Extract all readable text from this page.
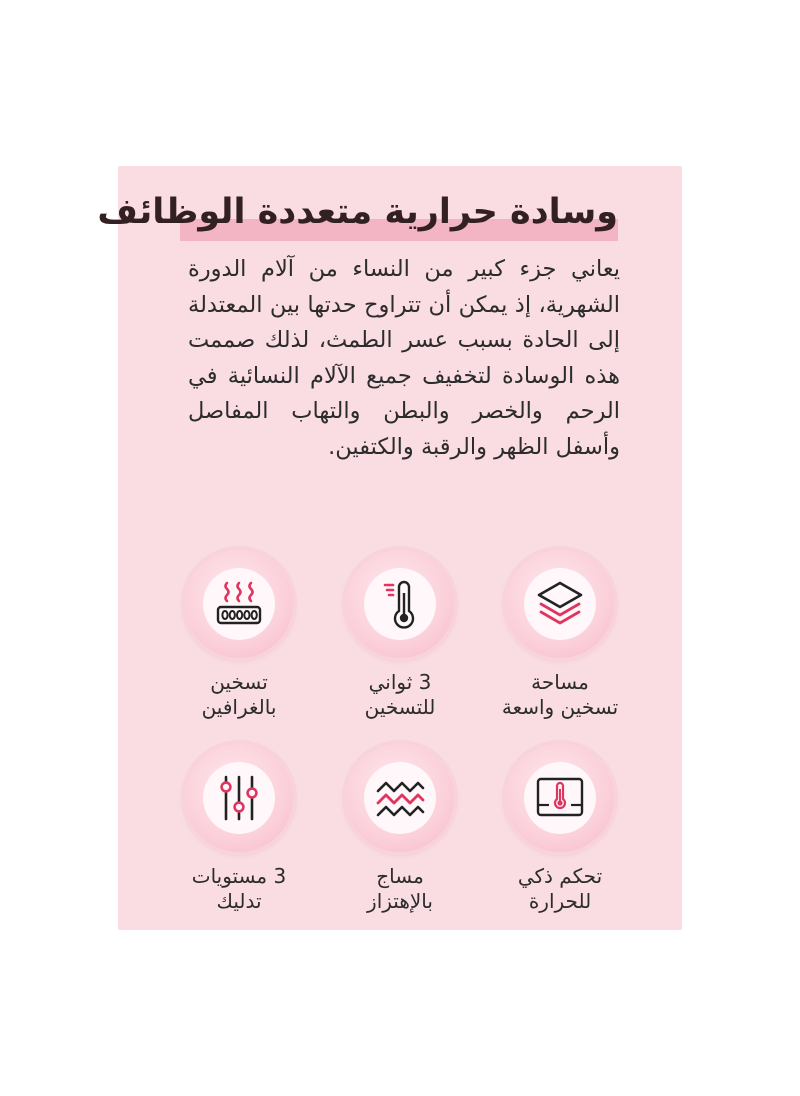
وسادة حرارية متعددة الوظائف

يعاني جزء كبير من النساء من آلام الدورة الشهرية، إذ يمكن أن تتراوح حدتها بين المعتدلة إلى الحادة بسبب عسر الطمث، لذلك صممت هذه الوسادة لتخفيف جميع الآلام النسائية في الرحم والخصر والبطن والتهاب المفاصل وأسفل الظهر والرقبة والكتفين.

تسخين
بالغرافين
3 ثواني
للتسخين
مساحة
تسخين واسعة
3 مستويات
تدليك
مساج
بالإهتزاز
تحكم ذكي
للحرارة
